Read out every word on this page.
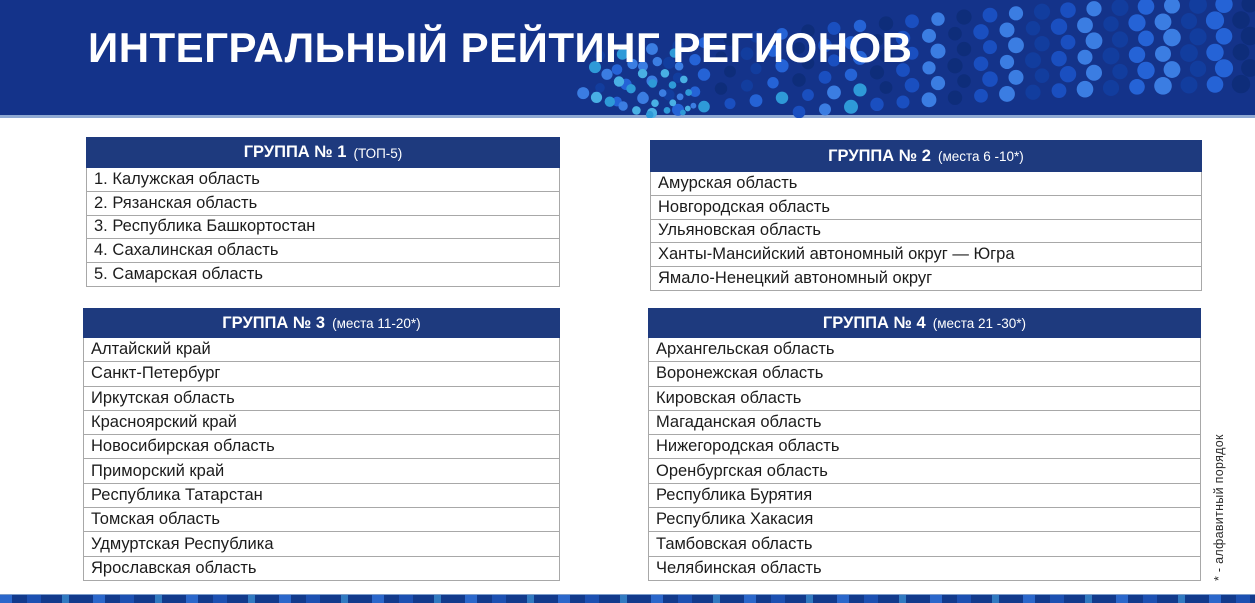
ИНТЕГРАЛЬНЫЙ РЕЙТИНГ РЕГИОНОВ
ГРУППА № 1 (ТОП-5)
1. Калужская область
2. Рязанская область
3. Республика Башкортостан
4. Сахалинская область
5. Самарская область
ГРУППА № 2 (места 6 -10*)
Амурская область
Новгородская область
Ульяновская область
Ханты-Мансийский автономный округ — Югра
Ямало-Ненецкий автономный округ
ГРУППА № 3 (места 11-20*)
Алтайский край
Санкт-Петербург
Иркутская область
Красноярский край
Новосибирская область
Приморский край
Республика Татарстан
Томская область
Удмуртская Республика
Ярославская область
ГРУППА № 4 (места 21 -30*)
Архангельская область
Воронежская область
Кировская область
Магаданская область
Нижегородская область
Оренбургская область
Республика Бурятия
Республика Хакасия
Тамбовская область
Челябинская область	* - алфавитный порядок
